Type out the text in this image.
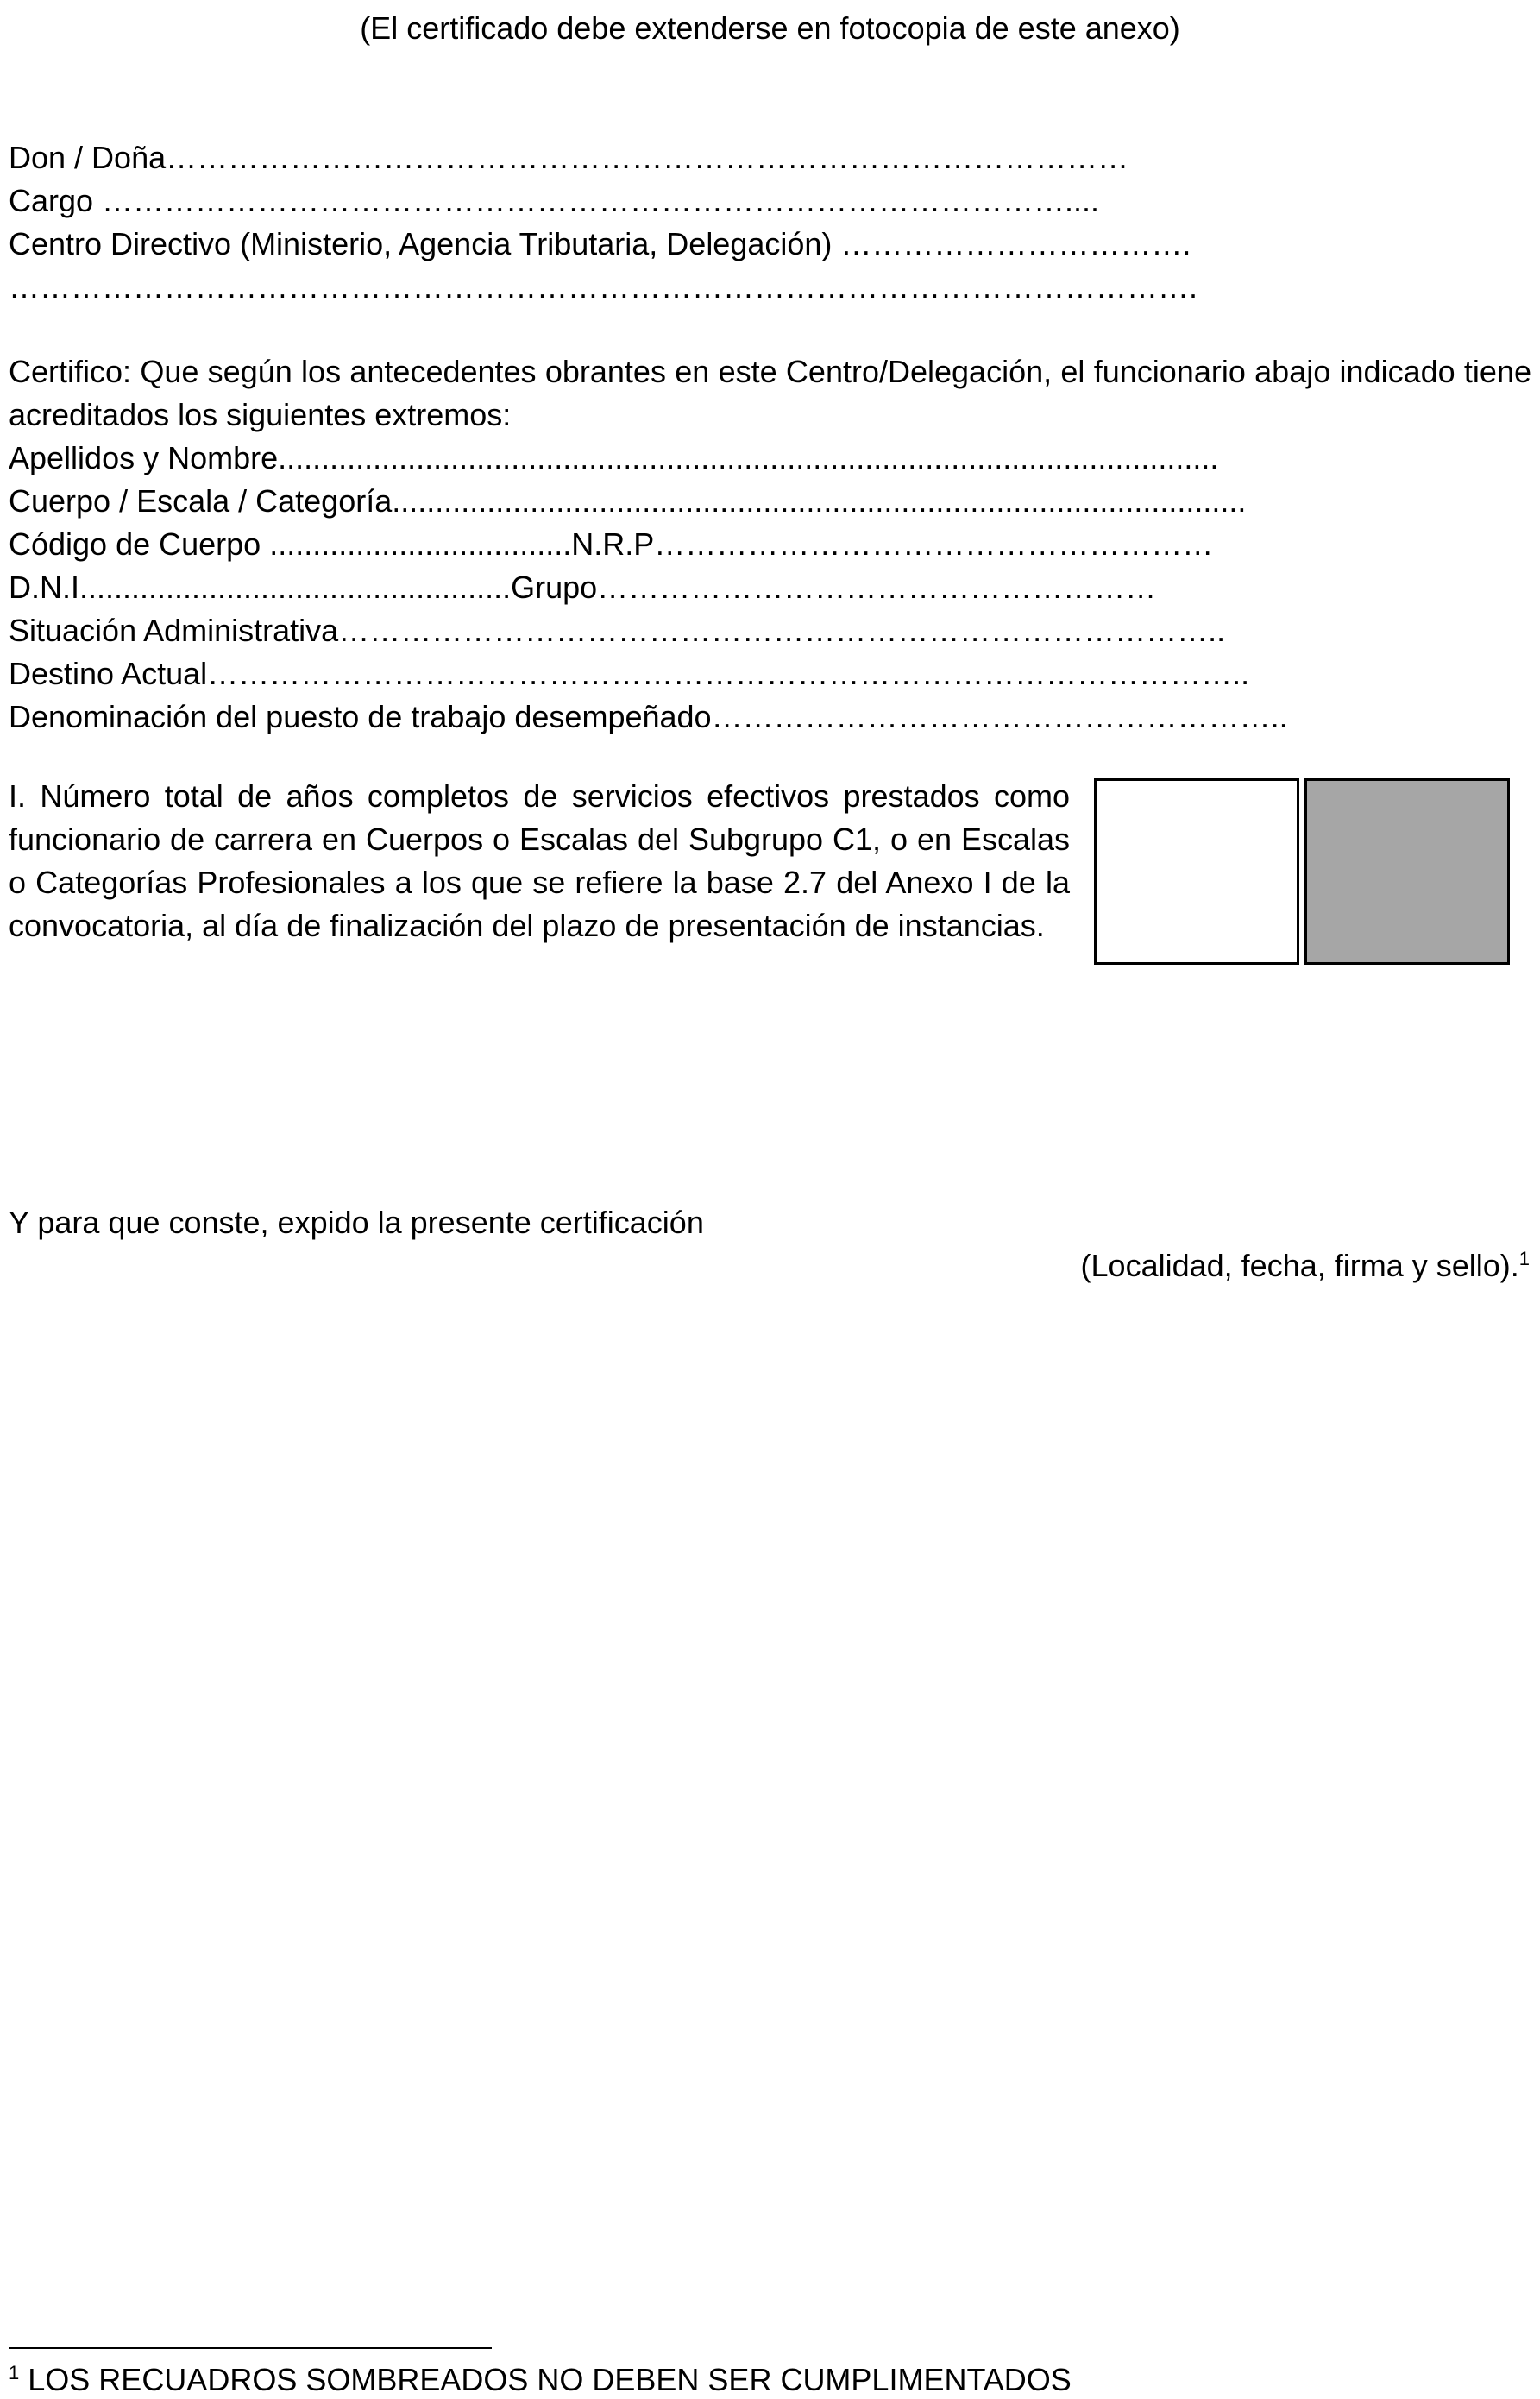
(El certificado debe extenderse en fotocopia de este anexo)
Don / Doña…………………………………………………………………………………
Cargo …………………………………………………………………………………....
Centro Directivo (Ministerio, Agencia Tributaria, Delegación) …………………………….
…………………………………………………………………………………………………….
Certifico: Que según los antecedentes obrantes en este Centro/Delegación, el funcionario abajo indicado tiene acreditados los siguientes extremos:
Apellidos y Nombre.............................................................................................................
Cuerpo / Escala / Categoría...................................................................................................
Código de Cuerpo ...................................N.R.P………………………………………………
D.N.I..................................................Grupo………………………………………………
Situación Administrativa…………………………………………………………………………..
Destino Actual………………………………………………………………………………………..
Denominación del puesto de trabajo desempeñado………………………………………………..
I. Número total de años completos de servicios efectivos prestados como funcionario de carrera en Cuerpos o Escalas del Subgrupo C1, o en Escalas o Categorías Profesionales a los que se refiere la base 2.7 del Anexo I de la convocatoria, al día de finalización del plazo de presentación de instancias.
Y para que conste, expido la presente certificación
(Localidad, fecha, firma y sello).$^1$
$^1$ LOS RECUADROS SOMBREADOS NO DEBEN SER CUMPLIMENTADOS
